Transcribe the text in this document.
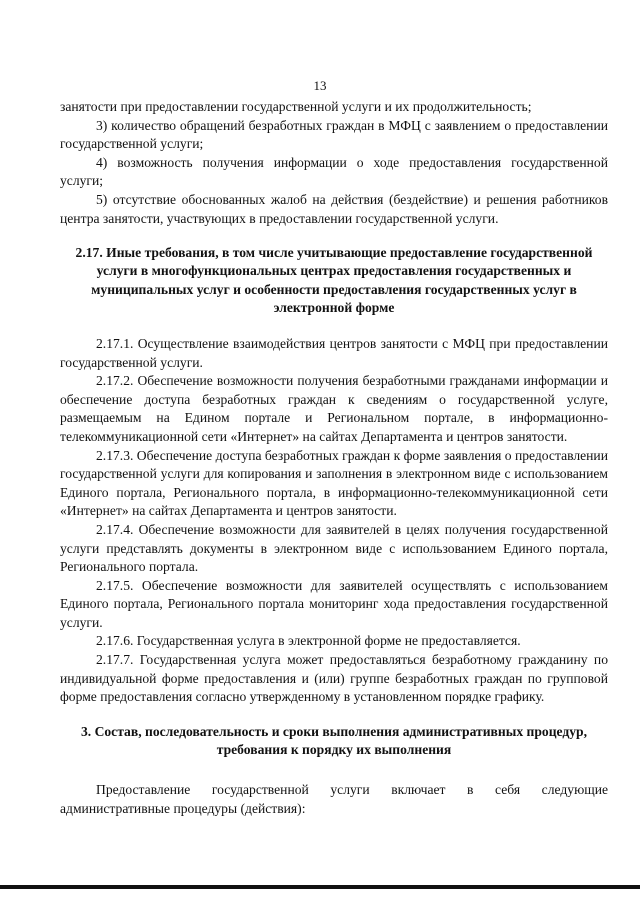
13

занятости при предоставлении государственной услуги и их продолжительность;

3) количество обращений безработных граждан в МФЦ с заявлением о предоставлении государственной услуги;

4) возможность получения информации о ходе предоставления государственной услуги;

5) отсутствие обоснованных жалоб на действия (бездействие) и решения работников центра занятости, участвующих в предоставлении государственной услуги.

2.17. Иные требования, в том числе учитывающие предоставление государственной услуги в многофункциональных центрах предоставления государственных и муниципальных услуг и особенности предоставления государственных услуг в электронной форме

2.17.1. Осуществление взаимодействия центров занятости с МФЦ при предоставлении государственной услуги.

2.17.2. Обеспечение возможности получения безработными гражданами информации и обеспечение доступа безработных граждан к сведениям о государственной услуге, размещаемым на Едином портале и Региональном портале, в информационно-телекоммуникационной сети «Интернет» на сайтах Департамента и центров занятости.

2.17.3. Обеспечение доступа безработных граждан к форме заявления о предоставлении государственной услуги для копирования и заполнения в электронном виде с использованием Единого портала, Регионального портала, в информационно-телекоммуникационной сети «Интернет» на сайтах Департамента и центров занятости.

2.17.4. Обеспечение возможности для заявителей в целях получения государственной услуги представлять документы в электронном виде с использованием Единого портала, Регионального портала.

2.17.5. Обеспечение возможности для заявителей осуществлять с использованием Единого портала, Регионального портала мониторинг хода предоставления государственной услуги.

2.17.6. Государственная услуга в электронной форме не предоставляется.

2.17.7. Государственная услуга может предоставляться безработному гражданину по индивидуальной форме предоставления и (или) группе безработных граждан по групповой форме предоставления согласно утвержденному в установленном порядке графику.

3. Состав, последовательность и сроки выполнения административных процедур, требования к порядку их выполнения

Предоставление государственной услуги включает в себя следующие административные процедуры (действия):
